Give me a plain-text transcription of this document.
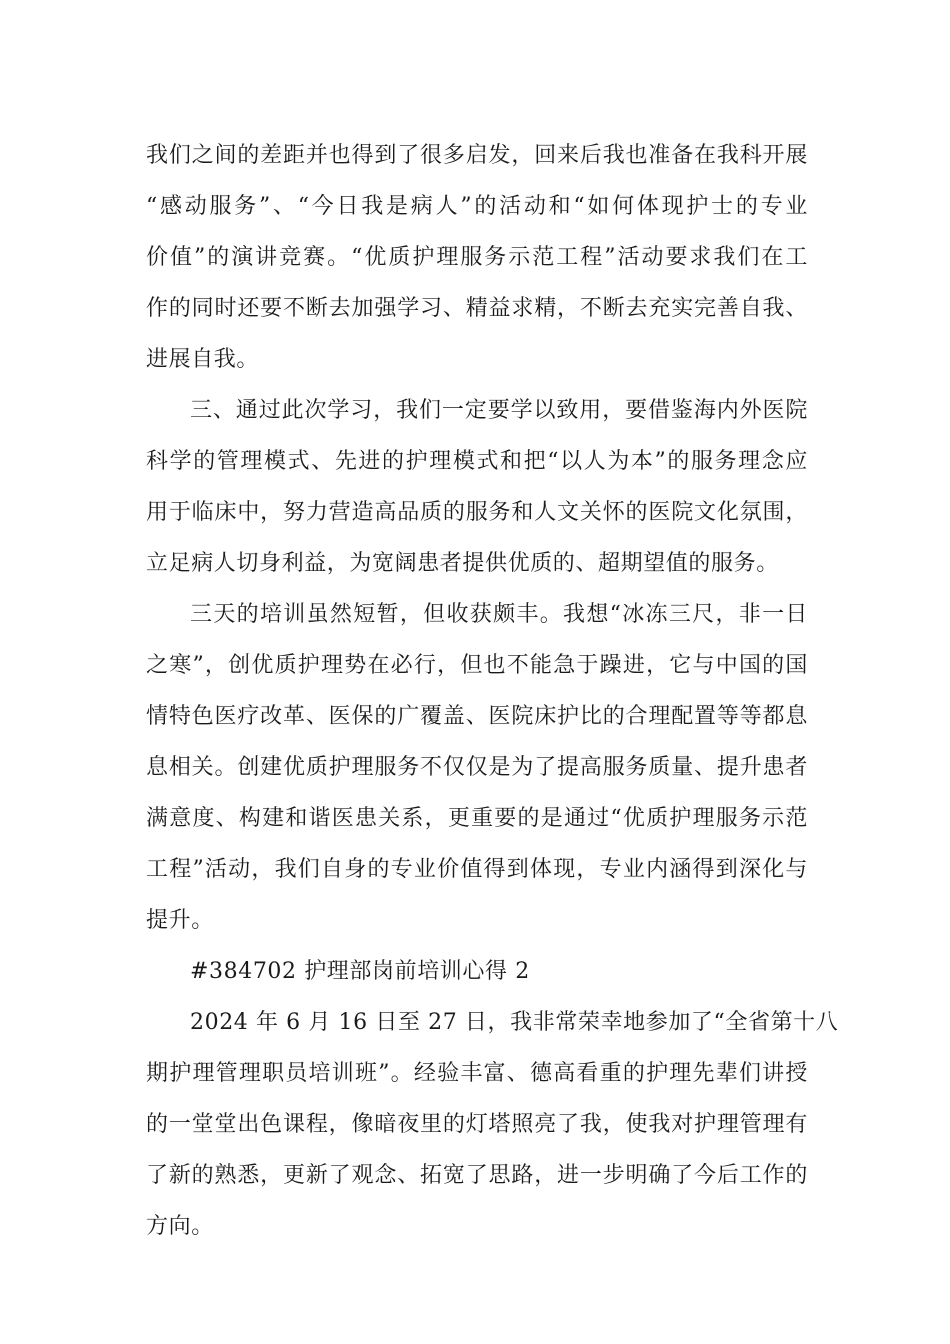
我们之间的差距并也得到了很多启发，回来后我也准备在我科开展
“感动服务”、“今日我是病人”的活动和“如何体现护士的专业
价值”的演讲竞赛。“优质护理服务示范工程”活动要求我们在工
作的同时还要不断去加强学习、精益求精，不断去充实完善自我、
进展自我。
三、通过此次学习，我们一定要学以致用，要借鉴海内外医院
科学的管理模式、先进的护理模式和把“以人为本”的服务理念应
用于临床中，努力营造高品质的服务和人文关怀的医院文化氛围，
立足病人切身利益，为宽阔患者提供优质的、超期望值的服务。
三天的培训虽然短暂，但收获颇丰。我想“冰冻三尺，非一日
之寒”，创优质护理势在必行，但也不能急于躁进，它与中国的国
情特色医疗改革、医保的广覆盖、医院床护比的合理配置等等都息
息相关。创建优质护理服务不仅仅是为了提高服务质量、提升患者
满意度、构建和谐医患关系，更重要的是通过“优质护理服务示范
工程”活动，我们自身的专业价值得到体现，专业内涵得到深化与
提升。
#384702 护理部岗前培训心得 2
2024 年 6 月 16 日至 27 日，我非常荣幸地参加了“全省第十八
期护理管理职员培训班”。经验丰富、德高看重的护理先辈们讲授
的一堂堂出色课程，像暗夜里的灯塔照亮了我，使我对护理管理有
了新的熟悉，更新了观念、拓宽了思路，进一步明确了今后工作的
方向。
